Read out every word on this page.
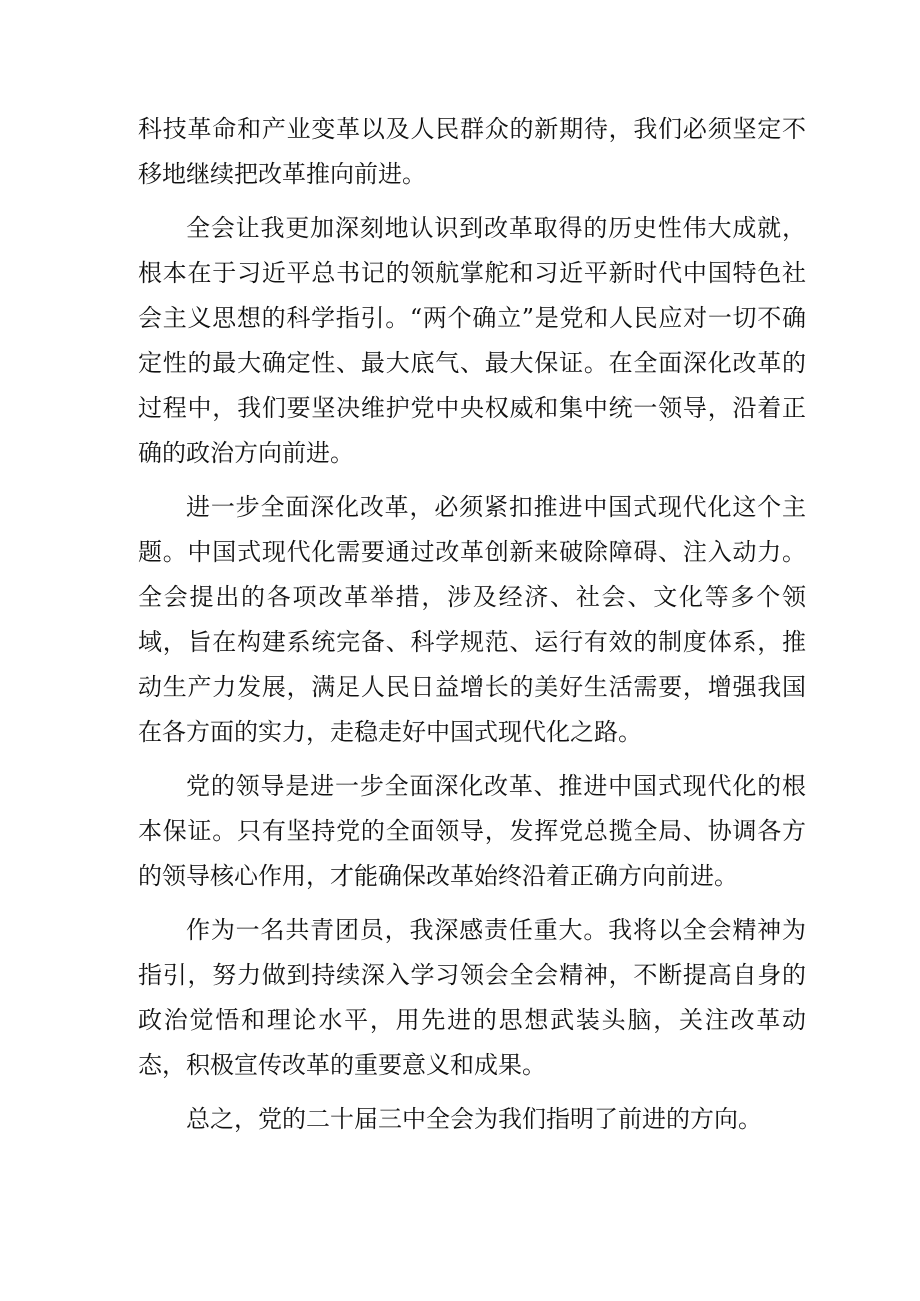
科技革命和产业变革以及人民群众的新期待，我们必须坚定不移地继续把改革推向前进。

全会让我更加深刻地认识到改革取得的历史性伟大成就，根本在于习近平总书记的领航掌舵和习近平新时代中国特色社会主义思想的科学指引。“两个确立”是党和人民应对一切不确定性的最大确定性、最大底气、最大保证。在全面深化改革的过程中，我们要坚决维护党中央权威和集中统一领导，沿着正确的政治方向前进。

进一步全面深化改革，必须紧扣推进中国式现代化这个主题。中国式现代化需要通过改革创新来破除障碍、注入动力。全会提出的各项改革举措，涉及经济、社会、文化等多个领域，旨在构建系统完备、科学规范、运行有效的制度体系，推动生产力发展，满足人民日益增长的美好生活需要，增强我国在各方面的实力，走稳走好中国式现代化之路。

党的领导是进一步全面深化改革、推进中国式现代化的根本保证。只有坚持党的全面领导，发挥党总揽全局、协调各方的领导核心作用，才能确保改革始终沿着正确方向前进。

作为一名共青团员，我深感责任重大。我将以全会精神为指引，努力做到持续深入学习领会全会精神，不断提高自身的政治觉悟和理论水平，用先进的思想武装头脑，关注改革动态，积极宣传改革的重要意义和成果。

总之，党的二十届三中全会为我们指明了前进的方向。
